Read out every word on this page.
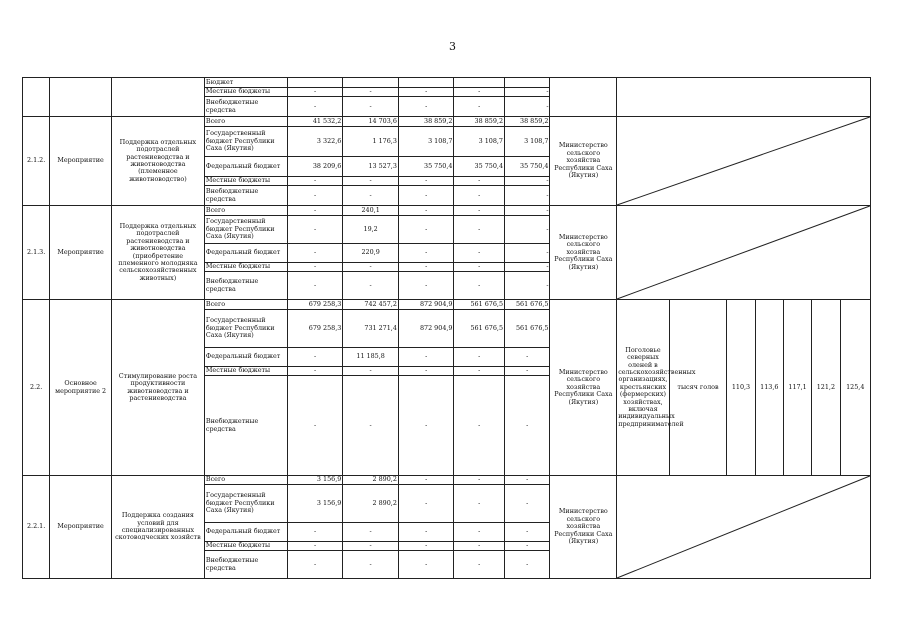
3
			Бюджет													
			Местные бюджеты	-	-	-	-	-								
			Внебюджетные средства	-	-	-	-	-								
2.1.2.	Мероприятие	Поддержка отдельных подотраслей растениеводства и животноводства (племенное животноводство)	Всего	41 532,2	14 703,6	38 859,2	38 859,2	38 859,2	Министерство сельского хозяйства Республики Саха (Якутия)	

			Государственный бюджет Республики Саха (Якутия)	3 322,6	1 176,3	3 108,7	3 108,7	3 108,7								
			Федеральный бюджет	38 209,6	13 527,3	35 750,4	35 750,4	35 750,4								
			Местные бюджеты	-	-	-	-	-								
			Внебюджетные средства	-	-	-	-	-								
2.1.3.	Мероприятие	Поддержка отдельных подотраслей растениеводства и животноводства (приобретение племенного молодняка сельскохозяйственных животных)	Всего	-	240,1	-	-	-	Министерство сельского хозяйства Республики Саха (Якутия)	

			Государственный бюджет Республики Саха (Якутия)	-	19,2	-	-	-								
			Федеральный бюджет	-	220,9	-	-	-								
			Местные бюджеты	-	-	-	-	-								
			Внебюджетные средства	-	-	-	-	-								
2.2.	Основное мероприятие 2	Стимулирование роста продуктивности животноводства и растениеводства	Всего	679 258,3	742 457,2	872 904,9	561 676,5	561 676,5	Министерство сельского хозяйства Республики Саха (Якутия)	Поголовье северных оленей в сельскохозяйственных организациях, крестьянских (фермерских) хозяйствах, включая индивидуальных предпринимателей	тысяч голов	110,3	113,6	117,1	121,2	125,4
			Государственный бюджет Республики Саха (Якутия)	679 258,3	731 271,4	872 904,9	561 676,5	561 676,5								
			Федеральный бюджет	-	11 185,8	-	-	-								
			Местные бюджеты	-	-	-	-	-								
			Внебюджетные средства	-	-	-	-	-								
2.2.1.	Мероприятие	Поддержка создания условий для специализированных скотоводческих хозяйств	Всего	3 156,9	2 890,2	-	-	-	Министерство сельского хозяйства Республики Саха (Якутия)	

			Государственный бюджет Республики Саха (Якутия)	3 156,9	2 890,2	-	-	-								
			Федеральный бюджет	-	-	-	-	-								
			Местные бюджеты	-	-	-	-	-								
			Внебюджетные средства	-	-	-	-	-								
